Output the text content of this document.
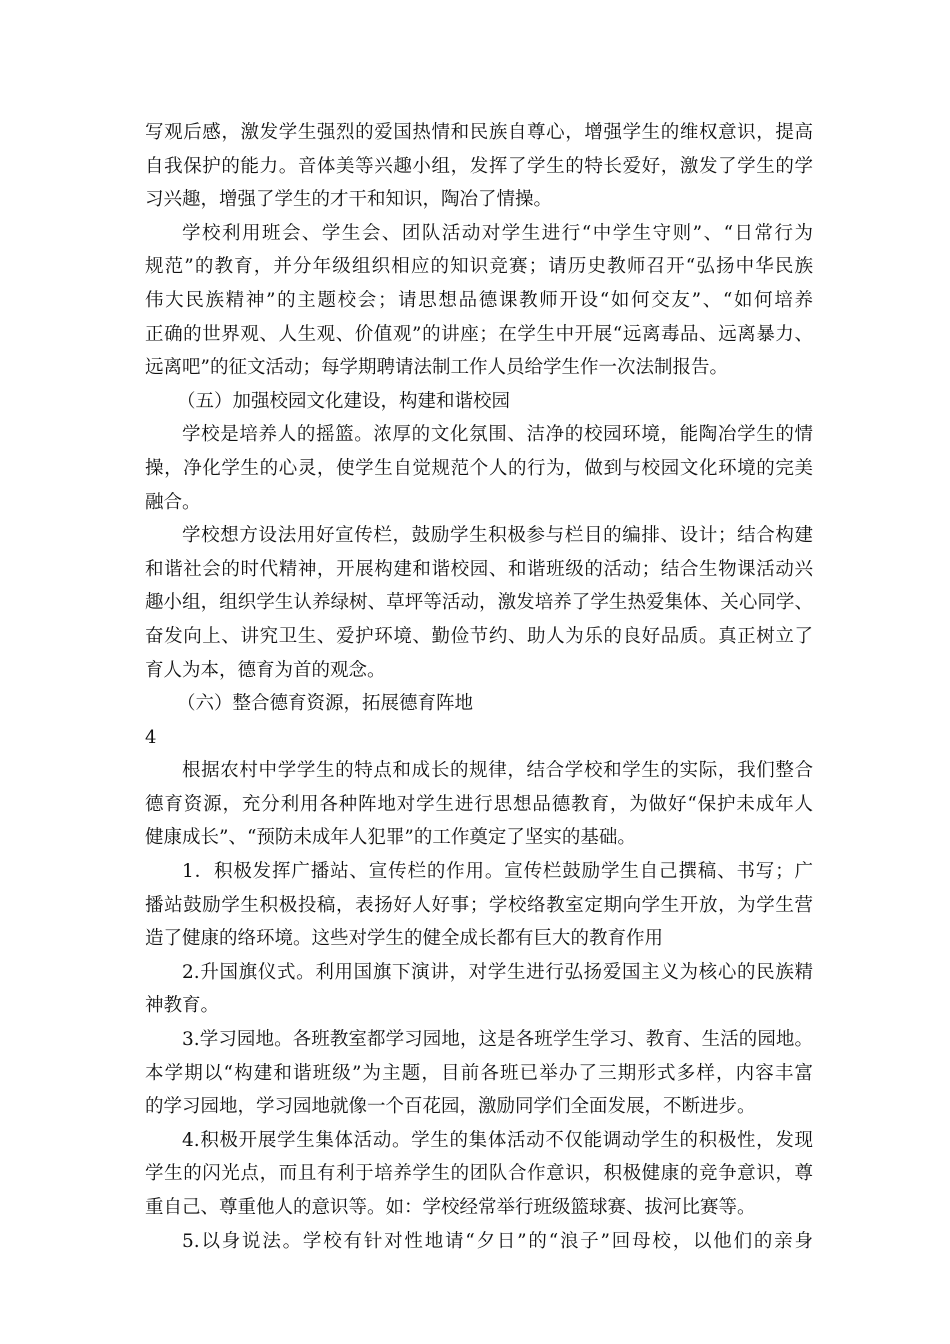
写观后感，激发学生强烈的爱国热情和民族自尊心，增强学生的维权意识，提高
自我保护的能力。音体美等兴趣小组，发挥了学生的特长爱好，激发了学生的学
习兴趣，增强了学生的才干和知识，陶冶了情操。
学校利用班会、学生会、团队活动对学生进行“中学生守则”、“日常行为
规范”的教育，并分年级组织相应的知识竞赛；请历史教师召开“弘扬中华民族
伟大民族精神”的主题校会；请思想品德课教师开设“如何交友”、“如何培养
正确的世界观、人生观、价值观”的讲座；在学生中开展“远离毒品、远离暴力、
远离吧”的征文活动；每学期聘请法制工作人员给学生作一次法制报告。
（五）加强校园文化建设，构建和谐校园
学校是培养人的摇篮。浓厚的文化氛围、洁净的校园环境，能陶冶学生的情
操，净化学生的心灵，使学生自觉规范个人的行为，做到与校园文化环境的完美
融合。
学校想方设法用好宣传栏，鼓励学生积极参与栏目的编排、设计；结合构建
和谐社会的时代精神，开展构建和谐校园、和谐班级的活动；结合生物课活动兴
趣小组，组织学生认养绿树、草坪等活动，激发培养了学生热爱集体、关心同学、
奋发向上、讲究卫生、爱护环境、勤俭节约、助人为乐的良好品质。真正树立了
育人为本，德育为首的观念。
（六）整合德育资源，拓展德育阵地
4
根据农村中学学生的特点和成长的规律，结合学校和学生的实际，我们整合
德育资源，充分利用各种阵地对学生进行思想品德教育，为做好“保护未成年人
健康成长”、“预防未成年人犯罪”的工作奠定了坚实的基础。
1．积极发挥广播站、宣传栏的作用。宣传栏鼓励学生自己撰稿、书写；广
播站鼓励学生积极投稿，表扬好人好事；学校络教室定期向学生开放，为学生营
造了健康的络环境。这些对学生的健全成长都有巨大的教育作用
2.升国旗仪式。利用国旗下演讲，对学生进行弘扬爱国主义为核心的民族精
神教育。
3.学习园地。各班教室都学习园地，这是各班学生学习、教育、生活的园地。
本学期以“构建和谐班级”为主题，目前各班已举办了三期形式多样，内容丰富
的学习园地，学习园地就像一个百花园，激励同学们全面发展，不断进步。
4.积极开展学生集体活动。学生的集体活动不仅能调动学生的积极性，发现
学生的闪光点，而且有利于培养学生的团队合作意识，积极健康的竞争意识，尊
重自己、尊重他人的意识等。如：学校经常举行班级篮球赛、拔河比赛等。
5.以身说法。学校有针对性地请“夕日”的“浪子”回母校，以他们的亲身
